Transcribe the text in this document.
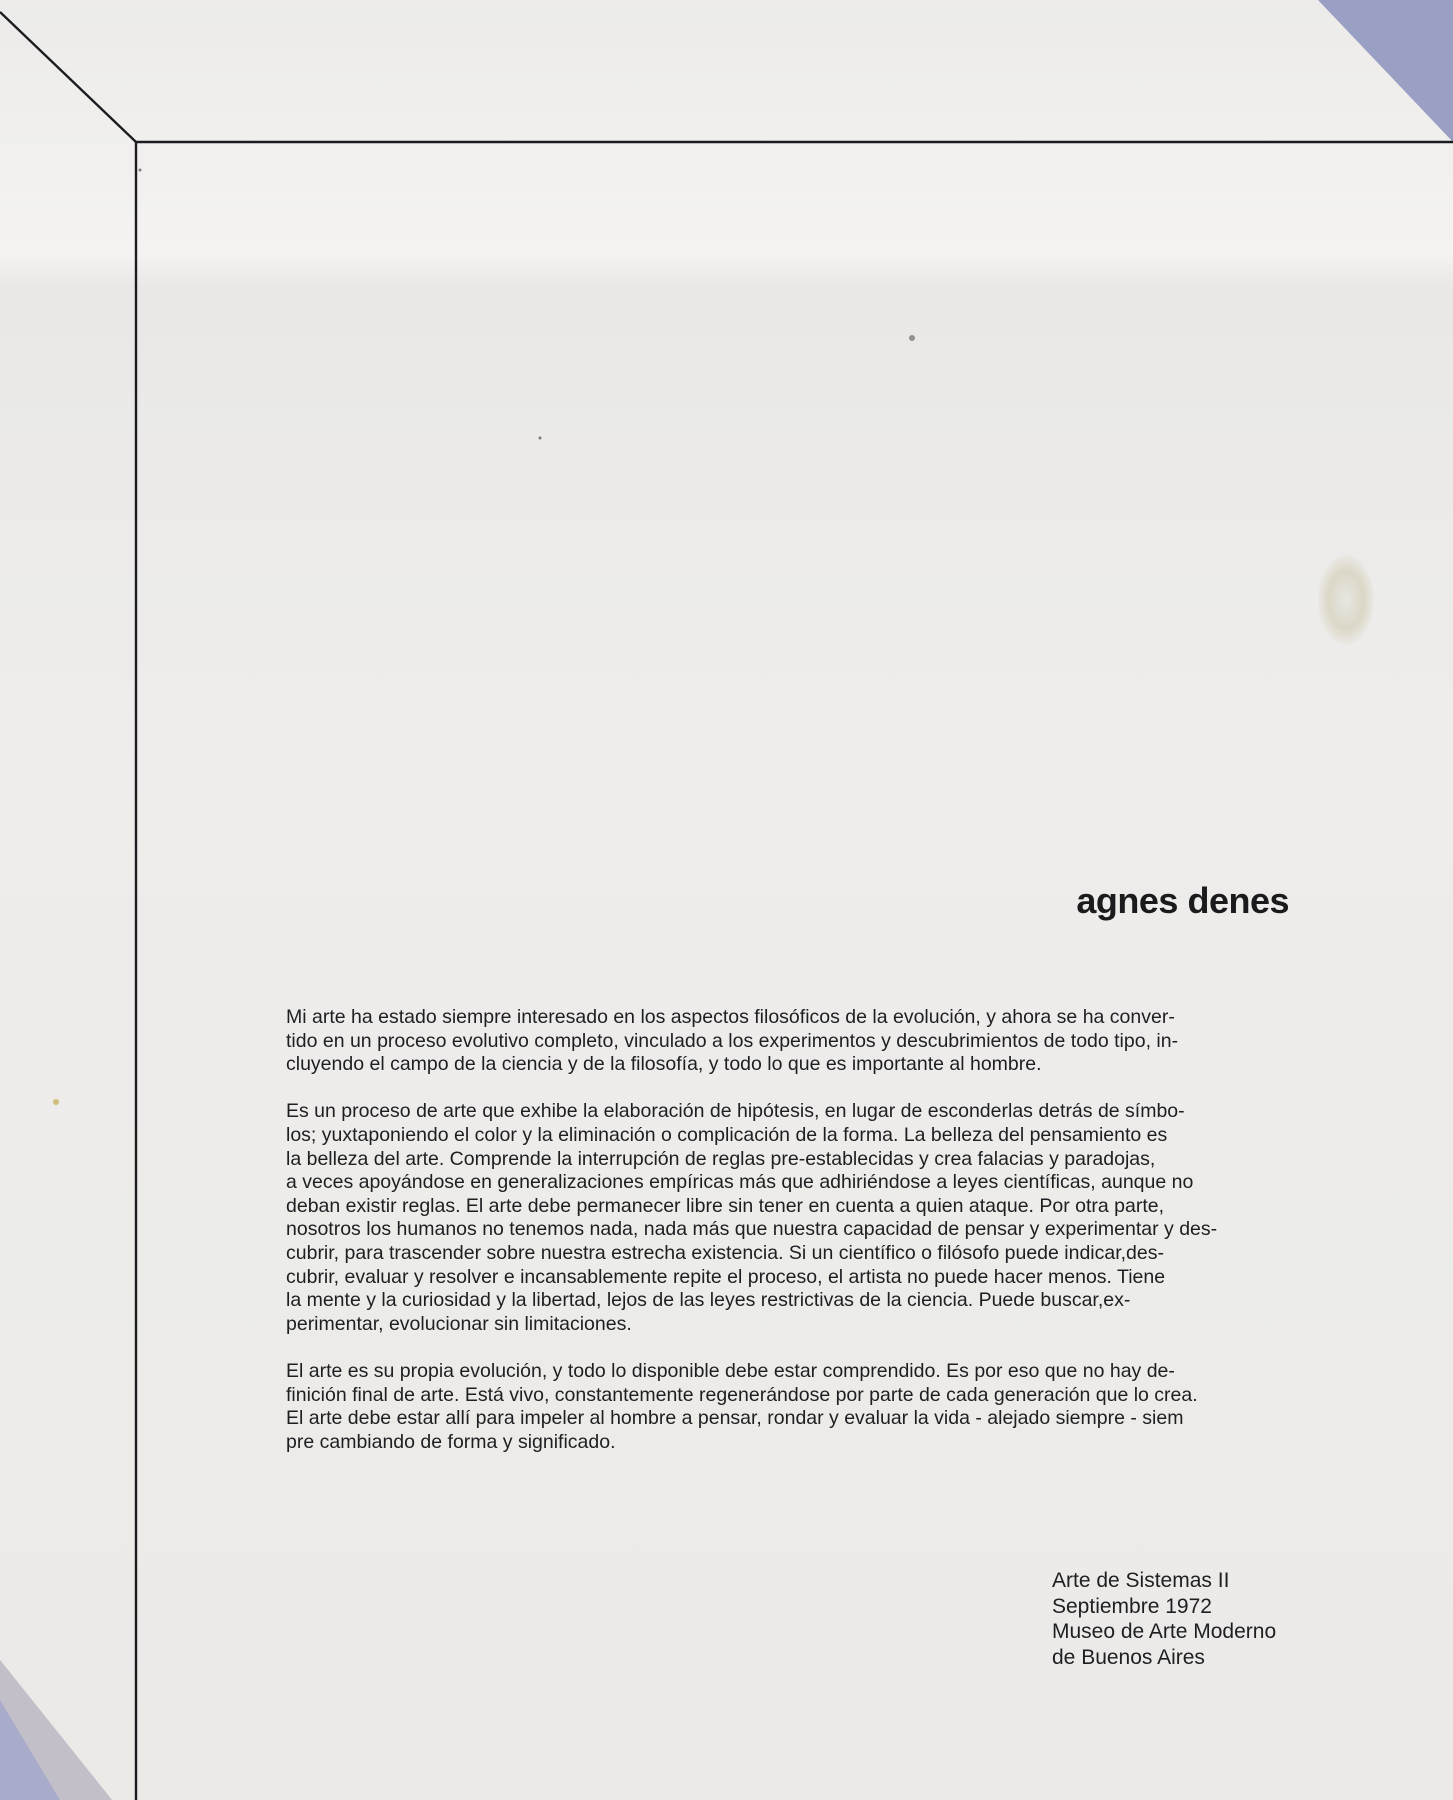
agnes denes

Mi arte ha estado siempre interesado en los aspectos filosóficos de la evolución, y ahora se ha conver-
tido en un proceso evolutivo completo, vinculado a los experimentos y descubrimientos de todo tipo, in-
cluyendo el campo de la ciencia y de la filosofía, y todo lo que es importante al hombre.

Es un proceso de arte que exhibe la elaboración de hipótesis, en lugar de esconderlas detrás de símbo-
los; yuxtaponiendo el color y la eliminación o complicación de la forma. La belleza del pensamiento es
la belleza del arte. Comprende la interrupción de reglas pre-establecidas y crea falacias y paradojas,
a veces apoyándose en generalizaciones empíricas más que adhiriéndose a leyes científicas, aunque no
deban existir reglas. El arte debe permanecer libre sin tener en cuenta a quien ataque. Por otra parte,
nosotros los humanos no tenemos nada, nada más que nuestra capacidad de pensar y experimentar y des-
cubrir, para trascender sobre nuestra estrecha existencia. Si un científico o filósofo puede indicar,des-
cubrir, evaluar y resolver e incansablemente repite el proceso, el artista no puede hacer menos. Tiene
la mente y la curiosidad y la libertad, lejos de las leyes restrictivas de la ciencia. Puede buscar,ex-
perimentar, evolucionar sin limitaciones.

El arte es su propia evolución, y todo lo disponible debe estar comprendido. Es por eso que no hay de-
finición final de arte. Está vivo, constantemente regenerándose por parte de cada generación que lo crea.
El arte debe estar allí para impeler al hombre a pensar, rondar y evaluar la vida - alejado siempre - siem
pre cambiando de forma y significado.

Arte de Sistemas II
Septiembre 1972
Museo de Arte Moderno
de Buenos Aires
